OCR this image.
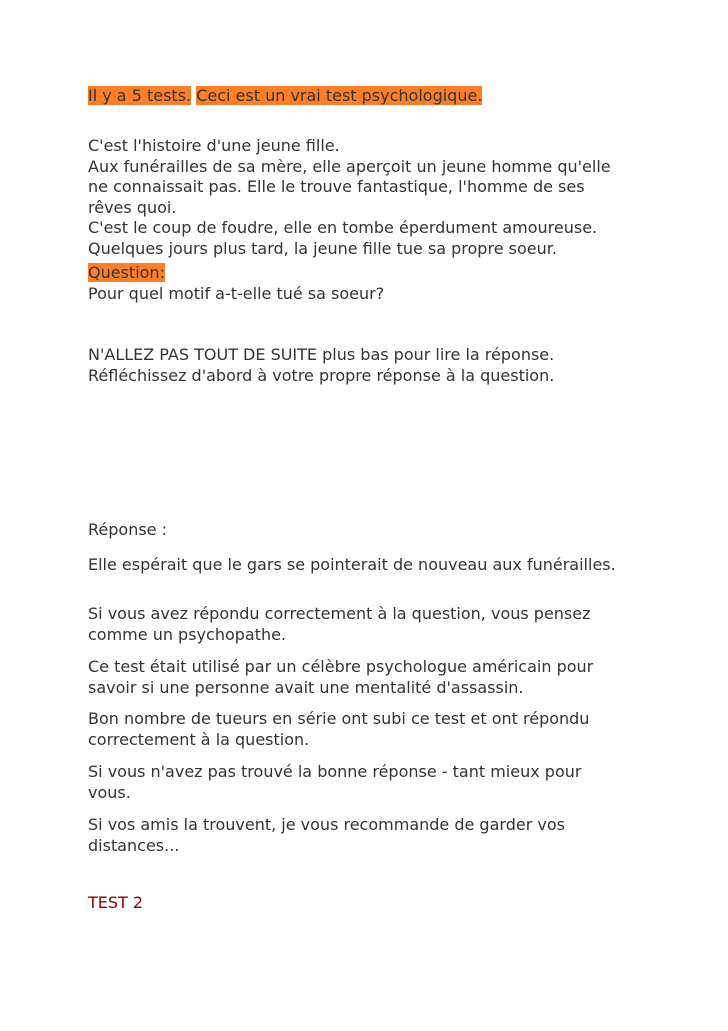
Il y a 5 tests. Ceci est un vrai test psychologique.

C'est l'histoire d'une jeune fille.
Aux funérailles de sa mère, elle aperçoit un jeune homme qu'elle
ne connaissait pas. Elle le trouve fantastique, l'homme de ses
rêves quoi.
C'est le coup de foudre, elle en tombe éperdument amoureuse.
Quelques jours plus tard, la jeune fille tue sa propre soeur.
Question:
Pour quel motif a-t-elle tué sa soeur?
N'ALLEZ PAS TOUT DE SUITE plus bas pour lire la réponse.
Réfléchissez d'abord à votre propre réponse à la question.
Réponse :
Elle espérait que le gars se pointerait de nouveau aux funérailles.
Si vous avez répondu correctement à la question, vous pensez
comme un psychopathe.
Ce test était utilisé par un célèbre psychologue américain pour
savoir si une personne avait une mentalité d'assassin.
Bon nombre de tueurs en série ont subi ce test et ont répondu
correctement à la question.
Si vous n'avez pas trouvé la bonne réponse - tant mieux pour
vous.
Si vos amis la trouvent, je vous recommande de garder vos
distances...
TEST 2
